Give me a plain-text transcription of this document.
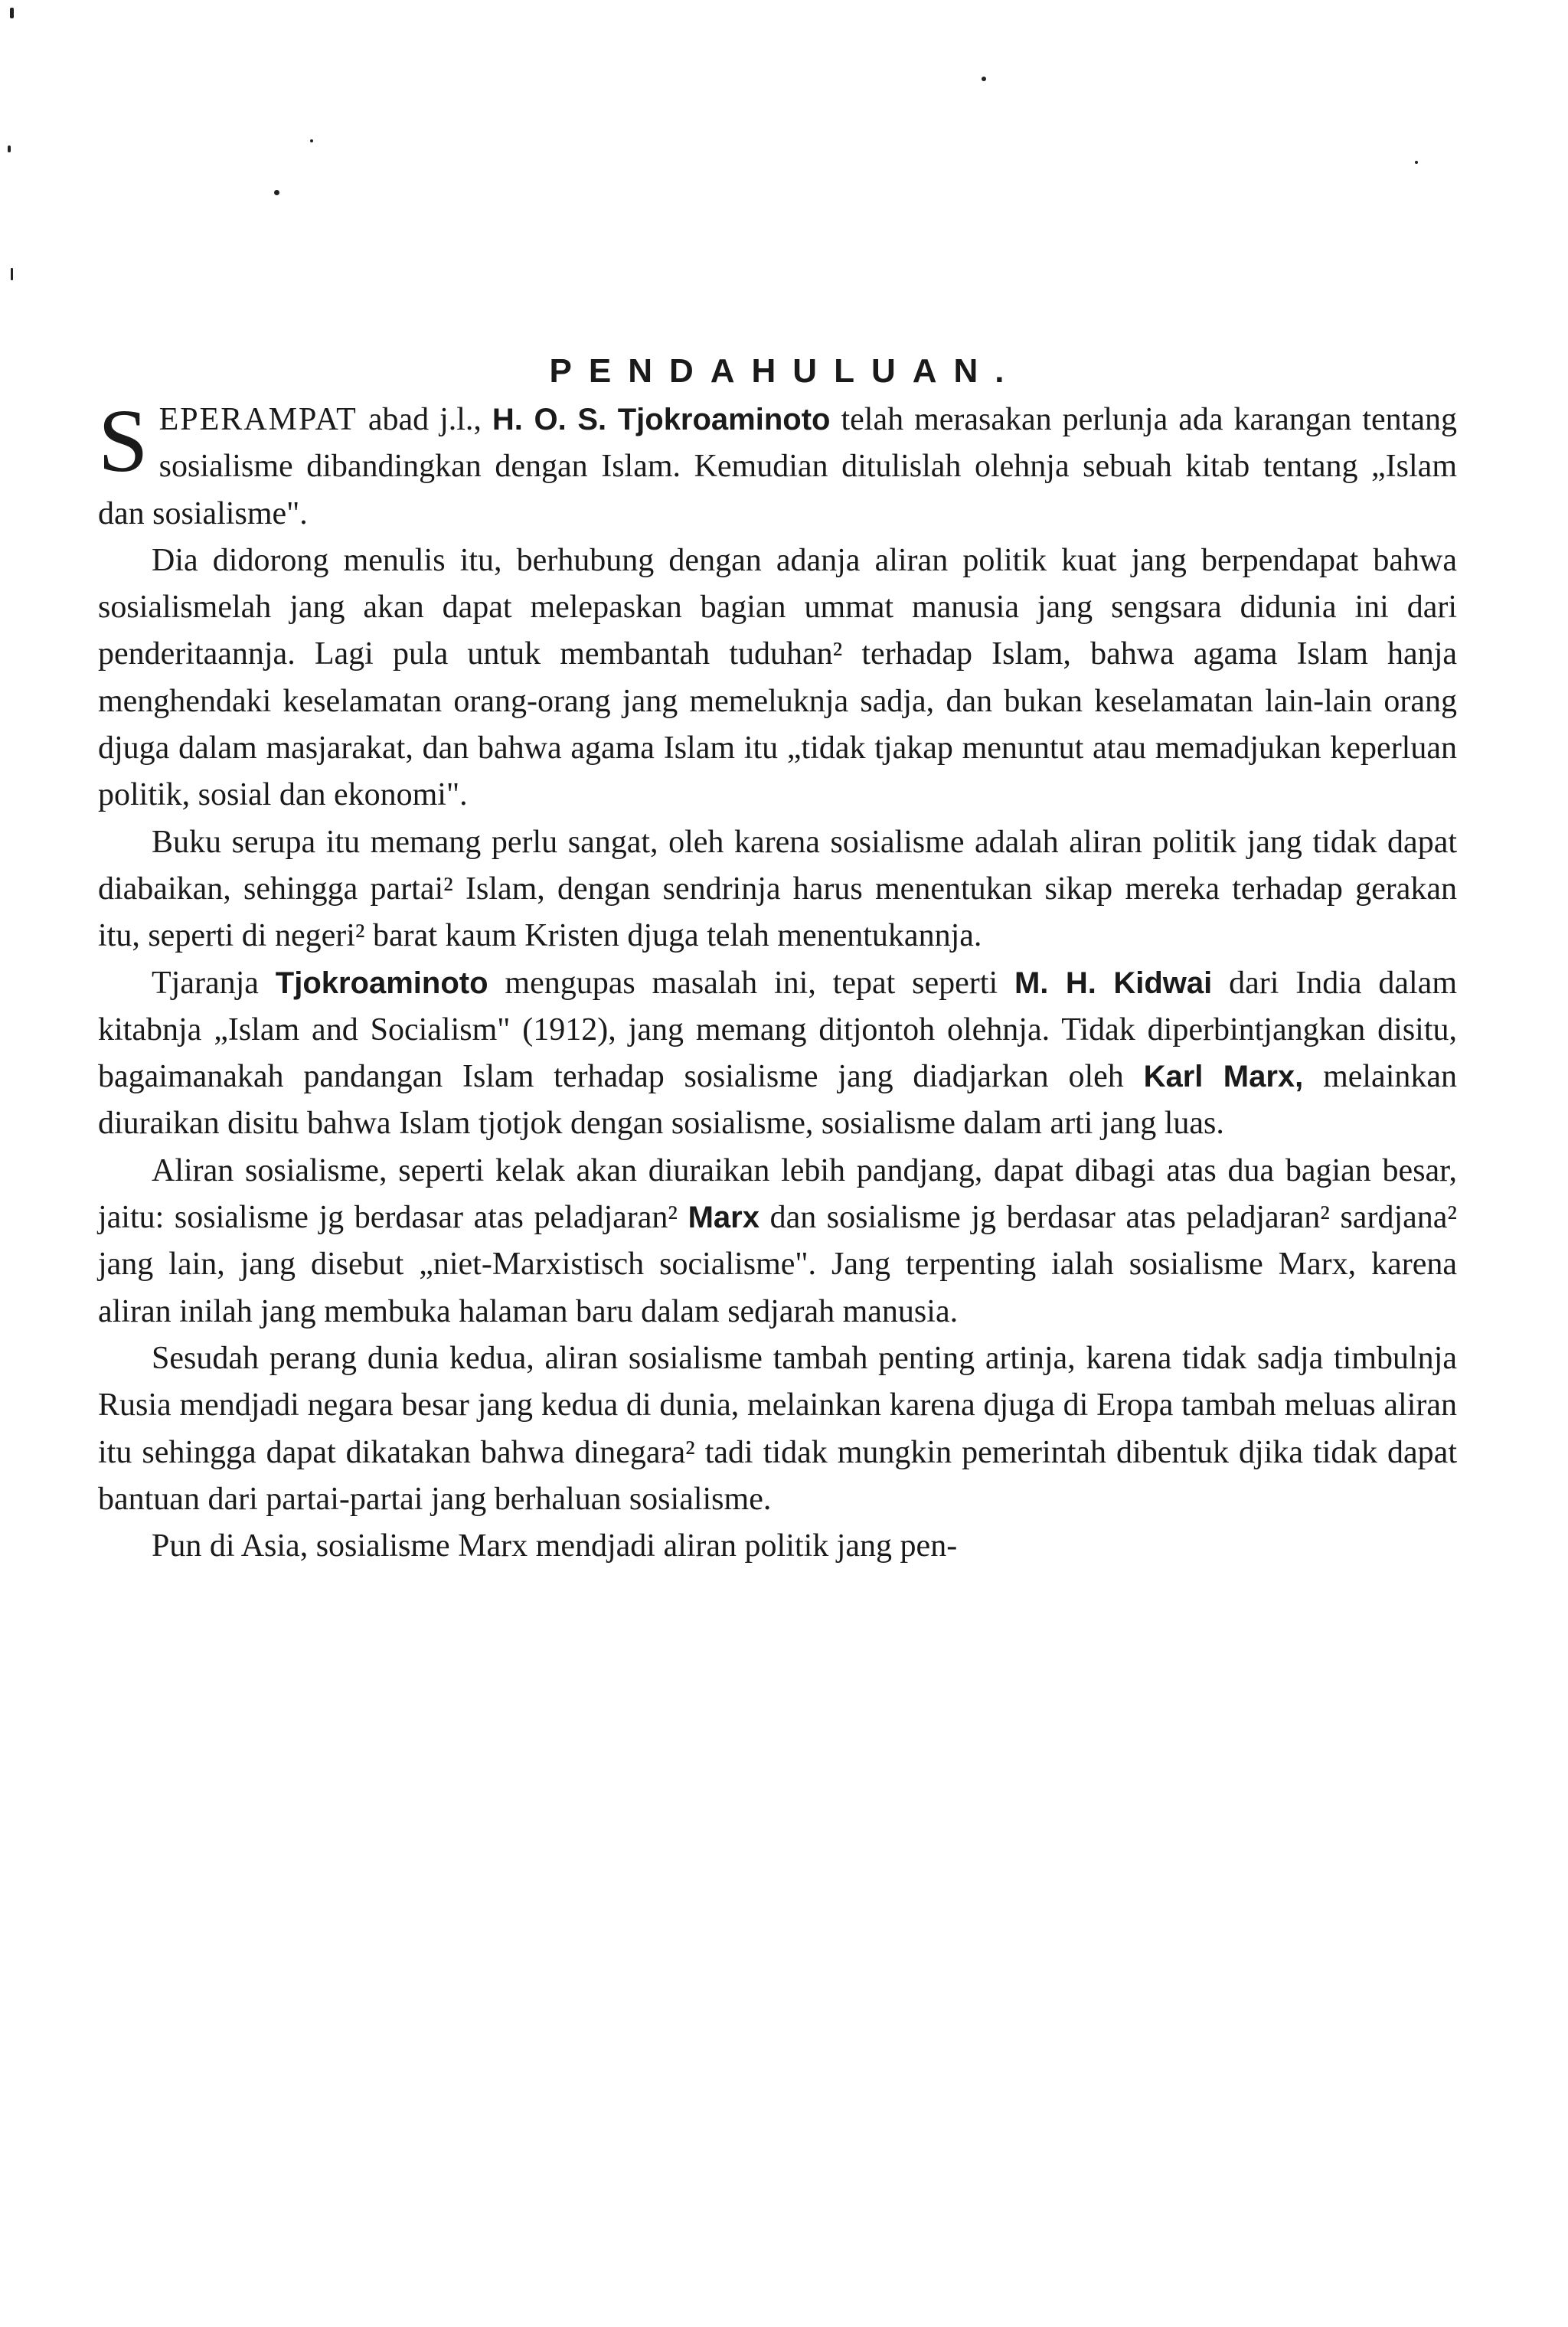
PENDAHULUAN.

SEPERAMPAT abad j.l., H. O. S. Tjokroaminoto telah merasakan perlunja ada karangan tentang sosialisme dibandingkan dengan Islam. Kemudian ditulislah olehnja sebuah kitab tentang „Islam dan sosialisme".

Dia didorong menulis itu, berhubung dengan adanja aliran politik kuat jang berpendapat bahwa sosialismelah jang akan dapat melepaskan bagian ummat manusia jang sengsara didunia ini dari penderitaannja. Lagi pula untuk membantah tuduhan² terhadap Islam, bahwa agama Islam hanja menghendaki keselamatan orang-orang jang memeluknja sadja, dan bukan keselamatan lain-lain orang djuga dalam masjarakat, dan bahwa agama Islam itu „tidak tjakap menuntut atau memadjukan keperluan politik, sosial dan ekonomi".

Buku serupa itu memang perlu sangat, oleh karena sosialisme adalah aliran politik jang tidak dapat diabaikan, sehingga partai² Islam, dengan sendrinja harus menentukan sikap mereka terhadap gerakan itu, seperti di negeri² barat kaum Kristen djuga telah menentukannja.

Tjaranja Tjokroaminoto mengupas masalah ini, tepat seperti M. H. Kidwai dari India dalam kitabnja „Islam and Socialism" (1912), jang memang ditjontoh olehnja. Tidak diperbintjangkan disitu, bagaimanakah pandangan Islam terhadap sosialisme jang diadjarkan oleh Karl Marx, melainkan diuraikan disitu bahwa Islam tjotjok dengan sosialisme, sosialisme dalam arti jang luas.

Aliran sosialisme, seperti kelak akan diuraikan lebih pandjang, dapat dibagi atas dua bagian besar, jaitu: sosialisme jg berdasar atas peladjaran² Marx dan sosialisme jg berdasar atas peladjaran² sardjana² jang lain, jang disebut „niet-Marxistisch socialisme". Jang terpenting ialah sosialisme Marx, karena aliran inilah jang membuka halaman baru dalam sedjarah manusia.

Sesudah perang dunia kedua, aliran sosialisme tambah penting artinja, karena tidak sadja timbulnja Rusia mendjadi negara besar jang kedua di dunia, melainkan karena djuga di Eropa tambah meluas aliran itu sehingga dapat dikatakan bahwa dinegara² tadi tidak mungkin pemerintah dibentuk djika tidak dapat bantuan dari partai-partai jang berhaluan sosialisme.

Pun di Asia, sosialisme Marx mendjadi aliran politik jang pen-
